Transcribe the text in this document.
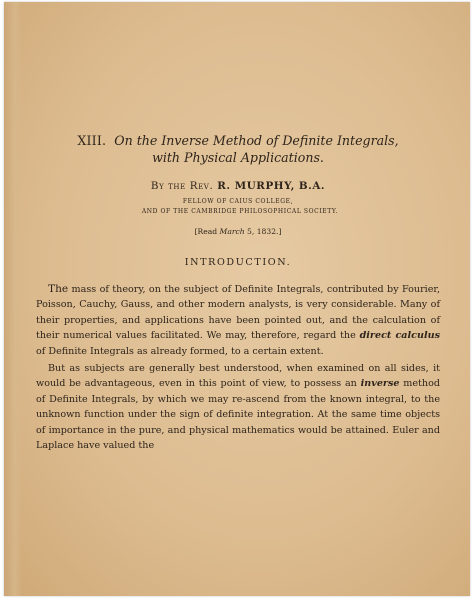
XIII. On the Inverse Method of Definite Integrals,
with Physical Applications.
By the Rev. R. MURPHY, B.A.
FELLOW OF CAIUS COLLEGE,
AND OF THE CAMBRIDGE PHILOSOPHICAL SOCIETY.
[Read March 5, 1832.]
INTRODUCTION.

The mass of theory, on the subject of Definite Integrals, contributed by Fourier, Poisson, Cauchy, Gauss, and other modern analysts, is very considerable. Many of their properties, and applications have been pointed out, and the calculation of their numerical values facilitated. We may, therefore, regard the direct calculus of Definite Integrals as already formed, to a certain extent.

But as subjects are generally best understood, when examined on all sides, it would be advantageous, even in this point of view, to possess an inverse method of Definite Integrals, by which we may re-ascend from the known integral, to the unknown function under the sign of definite integration. At the same time objects of importance in the pure, and physical mathematics would be attained. Euler and Laplace have valued the
